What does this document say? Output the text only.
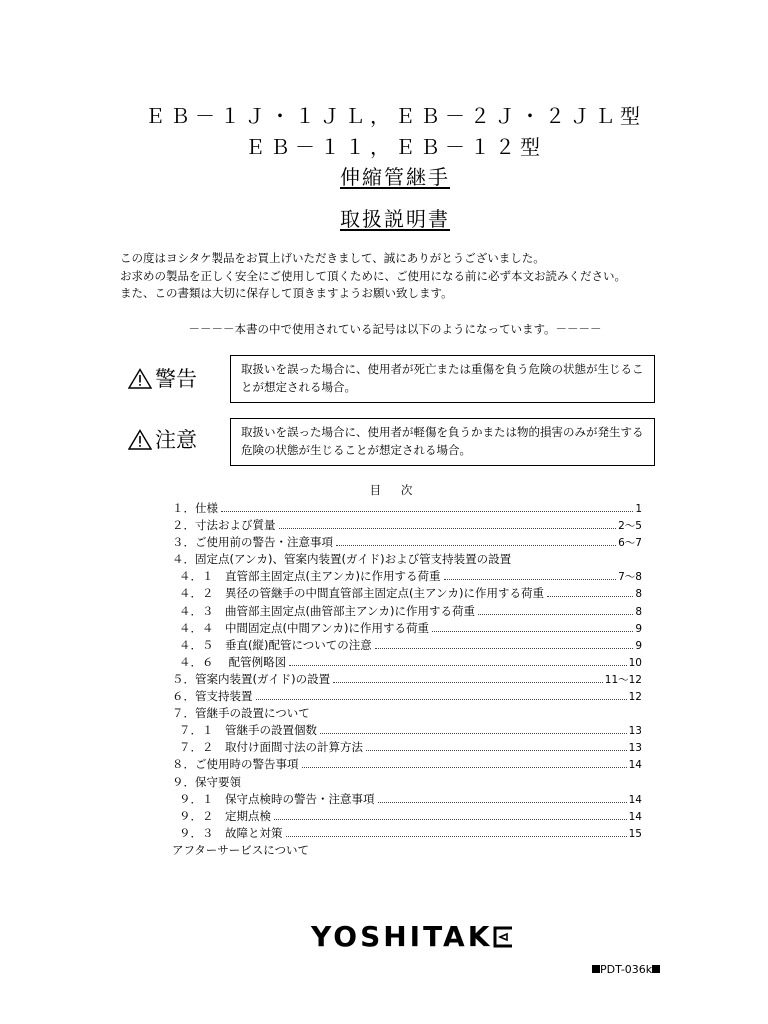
ＥＢ－１Ｊ・１ＪＬ，ＥＢ－２Ｊ・２ＪＬ型
ＥＢ－１１，ＥＢ－１２型
伸縮管継手
取扱説明書
この度はヨシタケ製品をお買上げいただきまして、誠にありがとうございました。
お求めの製品を正しく安全にご使用して頂くために、ご使用になる前に必ず本文お読みください。
また、この書類は大切に保存して頂きますようお願い致します。
－－－－本書の中で使用されている記号は以下のようになっています。－－－－
警告	取扱いを誤った場合に、使用者が死亡または重傷を負う危険の状態が生じることが想定される場合。
注意	取扱いを誤った場合に、使用者が軽傷を負うかまたは物的損害のみが発生する危険の状態が生じることが想定される場合。
目 次
１．仕様	1
２．寸法および質量	2～5
３．ご使用前の警告・注意事項	6～7
４．固定点(アンカ)、管案内装置(ガイド)および管支持装置の設置
４．１　直管部主固定点(主アンカ)に作用する荷重	7～8
４．２　異径の管継手の中間直管部主固定点(主アンカ)に作用する荷重	8
４．３　曲管部主固定点(曲管部主アンカ)に作用する荷重	8
４．４　中間固定点(中間アンカ)に作用する荷重	9
４．５　垂直(縦)配管についての注意	9
４．６　 配管例略図	10
５．管案内装置(ガイド)の設置	11～12
６．管支持装置	12
７．管継手の設置について
７．１　管継手の設置個数	13
７．２　取付け面間寸法の計算方法	13
８．ご使用時の警告事項	14
９．保守要領
９．１　保守点検時の警告・注意事項	14
９．２　定期点検	14
９．３　故障と対策	15
アフターサービスについて
YOSHITAK
PDT-036k
